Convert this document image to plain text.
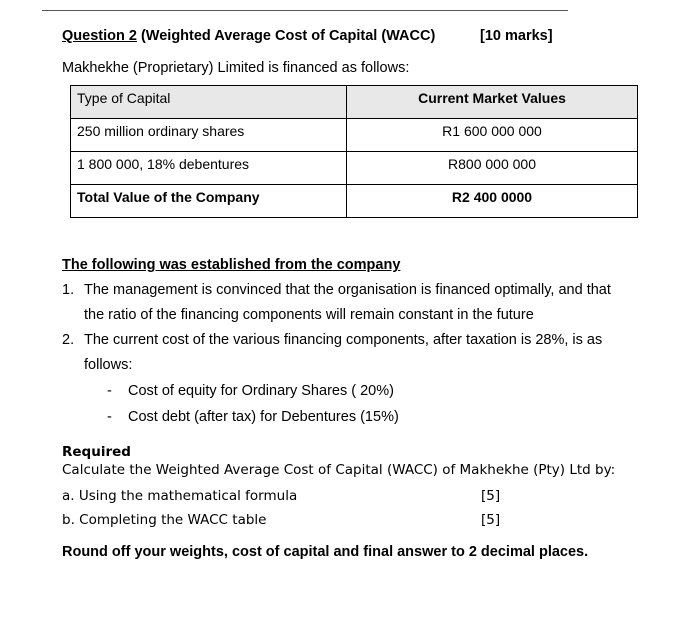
Question 2 (Weighted Average Cost of Capital (WACC)	[10 marks]
Makhekhe (Proprietary) Limited is financed as follows:
Type of Capital	Current Market Values

250 million ordinary shares	R1 600 000 000

1 800 000, 18% debentures	R800 000 000

Total Value of the Company	R2 400 0000
The following was established from the company
1. The management is convinced that the organisation is financed optimally, and that
the ratio of the financing components will remain constant in the future
2. The current cost of the various financing components, after taxation is 28%, is as
follows:
- Cost of equity for Ordinary Shares ( 20%)
- Cost debt (after tax) for Debentures (15%)
Required
Calculate the Weighted Average Cost of Capital (WACC) of Makhekhe (Pty) Ltd by:
a. Using the mathematical formula	[5]
b. Completing the WACC table	[5]
Round off your weights, cost of capital and final answer to 2 decimal places.
